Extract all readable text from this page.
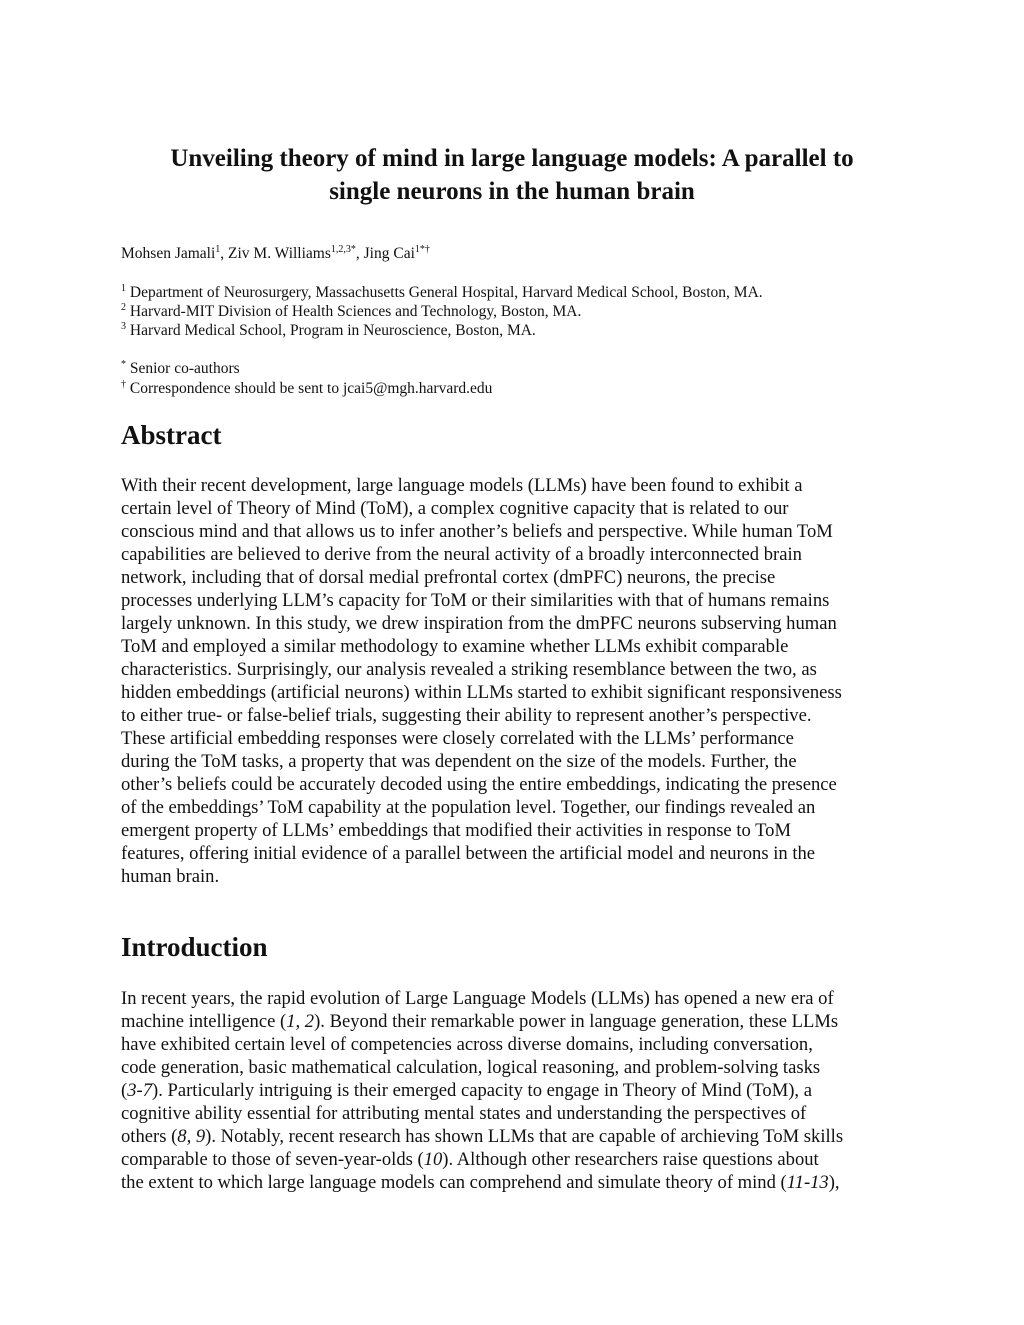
Unveiling theory of mind in large language models: A parallel to
single neurons in the human brain
Mohsen Jamali$^1$, Ziv M. Williams$^{1,2,3*}$, Jing Cai$^{1*\dagger}$
$^1$ Department of Neurosurgery, Massachusetts General Hospital, Harvard Medical School, Boston, MA.
$^2$ Harvard-MIT Division of Health Sciences and Technology, Boston, MA.
$^3$ Harvard Medical School, Program in Neuroscience, Boston, MA.
* Senior co-authors
† Correspondence should be sent to jcai5@mgh.harvard.edu
Abstract

With their recent development, large language models (LLMs) have been found to exhibit a
certain level of Theory of Mind (ToM), a complex cognitive capacity that is related to our
conscious mind and that allows us to infer another’s beliefs and perspective. While human ToM
capabilities are believed to derive from the neural activity of a broadly interconnected brain
network, including that of dorsal medial prefrontal cortex (dmPFC) neurons, the precise
processes underlying LLM’s capacity for ToM or their similarities with that of humans remains
largely unknown. In this study, we drew inspiration from the dmPFC neurons subserving human
ToM and employed a similar methodology to examine whether LLMs exhibit comparable
characteristics. Surprisingly, our analysis revealed a striking resemblance between the two, as
hidden embeddings (artificial neurons) within LLMs started to exhibit significant responsiveness
to either true- or false-belief trials, suggesting their ability to represent another’s perspective.
These artificial embedding responses were closely correlated with the LLMs’ performance
during the ToM tasks, a property that was dependent on the size of the models. Further, the
other’s beliefs could be accurately decoded using the entire embeddings, indicating the presence
of the embeddings’ ToM capability at the population level. Together, our findings revealed an
emergent property of LLMs’ embeddings that modified their activities in response to ToM
features, offering initial evidence of a parallel between the artificial model and neurons in the
human brain.

Introduction

In recent years, the rapid evolution of Large Language Models (LLMs) has opened a new era of
machine intelligence (1, 2). Beyond their remarkable power in language generation, these LLMs
have exhibited certain level of competencies across diverse domains, including conversation,
code generation, basic mathematical calculation, logical reasoning, and problem-solving tasks
(3-7). Particularly intriguing is their emerged capacity to engage in Theory of Mind (ToM), a
cognitive ability essential for attributing mental states and understanding the perspectives of
others (8, 9). Notably, recent research has shown LLMs that are capable of archieving ToM skills
comparable to those of seven-year-olds (10). Although other researchers raise questions about
the extent to which large language models can comprehend and simulate theory of mind (11-13),
